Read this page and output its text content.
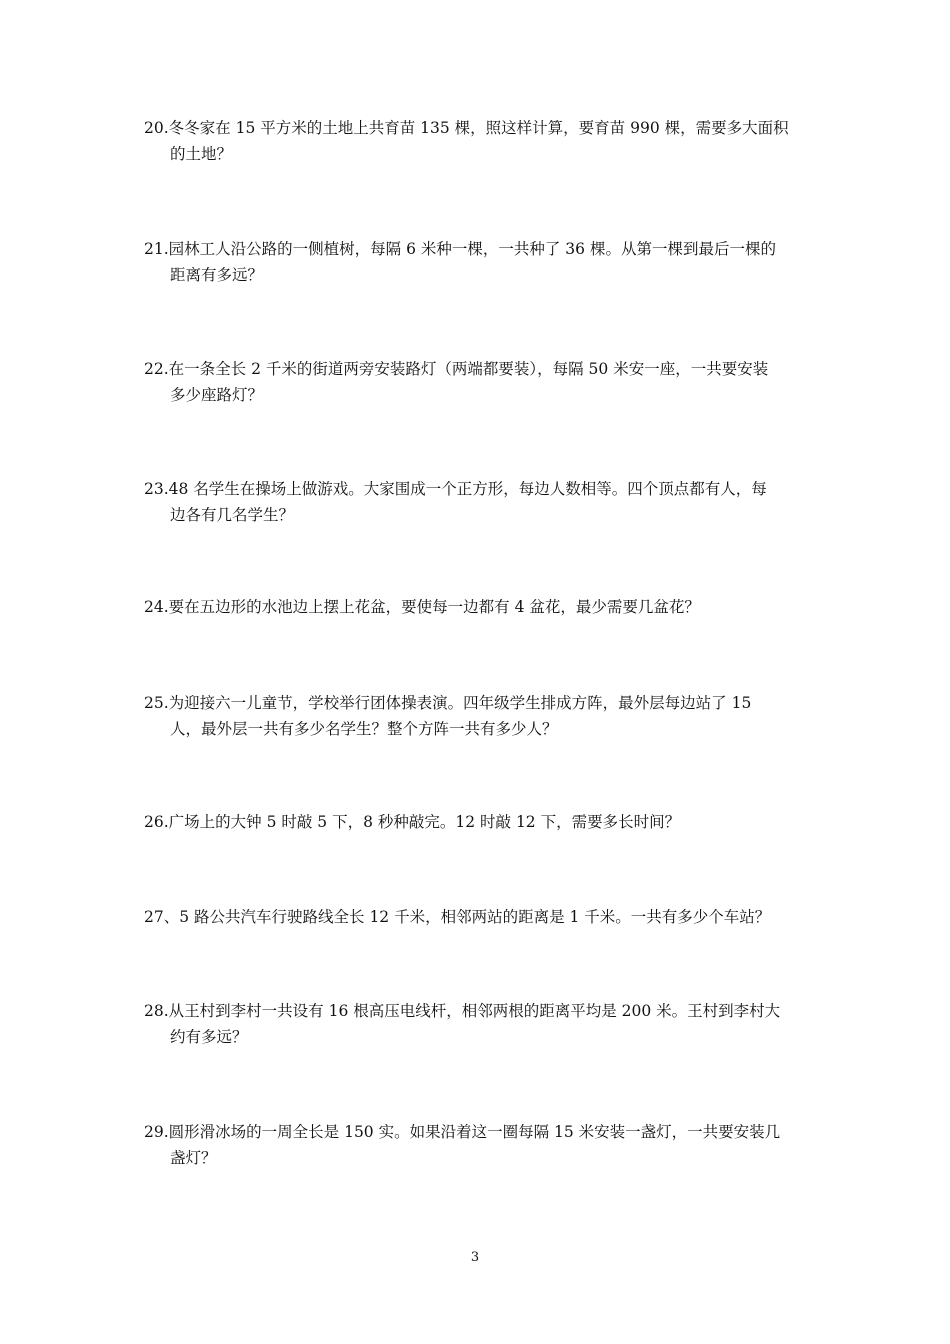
20.冬冬家在 15 平方米的土地上共育苗 135 棵，照这样计算，要育苗 990 棵，需要多大面积
的土地？
21.园林工人沿公路的一侧植树，每隔 6 米种一棵，一共种了 36 棵。从第一棵到最后一棵的
距离有多远？
22.在一条全长 2 千米的街道两旁安装路灯（两端都要装），每隔 50 米安一座，一共要安装
多少座路灯？
23.48 名学生在操场上做游戏。大家围成一个正方形，每边人数相等。四个顶点都有人，每
边各有几名学生？
24.要在五边形的水池边上摆上花盆，要使每一边都有 4 盆花，最少需要几盆花？
25.为迎接六一儿童节，学校举行团体操表演。四年级学生排成方阵，最外层每边站了 15
人，最外层一共有多少名学生？整个方阵一共有多少人？
26.广场上的大钟 5 时敲 5 下，8 秒种敲完。12 时敲 12 下，需要多长时间？
27、5 路公共汽车行驶路线全长 12 千米，相邻两站的距离是 1 千米。一共有多少个车站？
28.从王村到李村一共设有 16 根高压电线杆，相邻两根的距离平均是 200 米。王村到李村大
约有多远？
29.圆形滑冰场的一周全长是 150 实。如果沿着这一圈每隔 15 米安装一盏灯，一共要安装几
盏灯？
3
